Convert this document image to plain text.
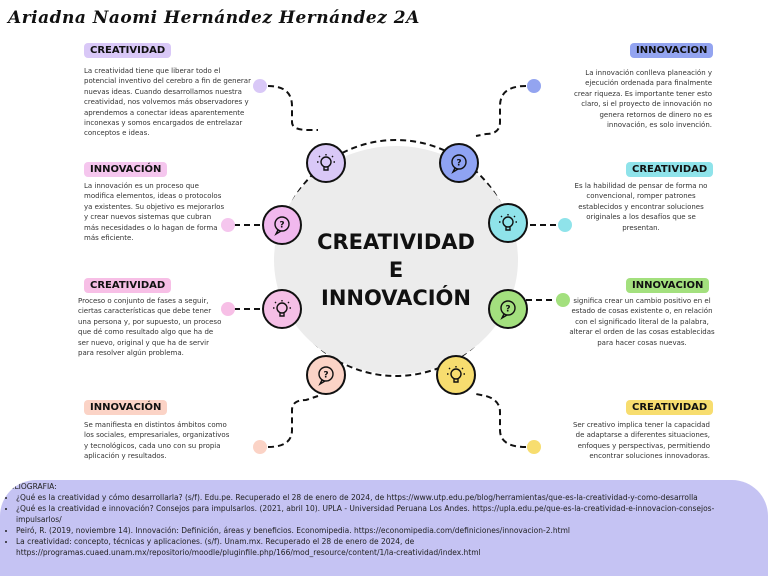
Ariadna Naomi Hernández Hernández 2A
CREATIVIDAD
E
INNOVACIÓN
?
?
?
?
CREATIVIDAD
La creatividad tiene que liberar todo el potencial inventivo del cerebro a fin de generar nuevas ideas. Cuando desarrollamos nuestra creatividad, nos volvemos más observadores y aprendemos a conectar ideas aparentemente inconexas y somos encargados de entrelazar conceptos e ideas.
INNOVACIÓN
La innovación es un proceso que modifica elementos, ideas o protocolos ya existentes. Su objetivo es mejorarlos y crear nuevos sistemas que cubran más necesidades o lo hagan de forma más eficiente.
CREATIVIDAD
Proceso o conjunto de fases a seguir, ciertas características que debe tener una persona y, por supuesto, un proceso que dé como resultado algo que ha de ser nuevo, original y que ha de servir para resolver algún problema.
INNOVACIÓN
Se manifiesta en distintos ámbitos como los sociales, empresariales, organizativos y tecnológicos, cada uno con su propia aplicación y resultados.
INNOVACION
La innovación conlleva planeación y ejecución ordenada para finalmente crear riqueza. Es importante tener esto claro, si el proyecto de innovación no genera retornos de dinero no es innovación, es solo invención.
CREATIVIDAD
Es la habilidad de pensar de forma no convencional, romper patrones establecidos y encontrar soluciones originales a los desafíos que se presentan.
INNOVACION
significa crear un cambio positivo en el estado de cosas existente o, en relación con el significado literal de la palabra, alterar el orden de las cosas establecidas para hacer cosas nuevas.
CREATIVIDAD
Ser creativo implica tener la capacidad de adaptarse a diferentes situaciones, enfoques y perspectivas, permitiendo encontrar soluciones innovadoras.
BIBLIOGRAFIA:
• ¿Qué es la creatividad y cómo desarrollarla? (s/f). Edu.pe. Recuperado el 28 de enero de 2024, de https://www.utp.edu.pe/blog/herramientas/que-es-la-creatividad-y-como-desarrolla
• ¿Qué es la creatividad e innovación? Consejos para impulsarlos. (2021, abril 10). UPLA - Universidad Peruana Los Andes. https://upla.edu.pe/que-es-la-creatividad-e-innovacion-consejos-
impulsarlos/
• Peiró, R. (2019, noviembre 14). Innovación: Definición, áreas y beneficios. Economipedia. https://economipedia.com/definiciones/innovacion-2.html
• La creatividad: concepto, técnicas y aplicaciones. (s/f). Unam.mx. Recuperado el 28 de enero de 2024, de
https://programas.cuaed.unam.mx/repositorio/moodle/pluginfile.php/166/mod_resource/content/1/la-creatividad/index.html
